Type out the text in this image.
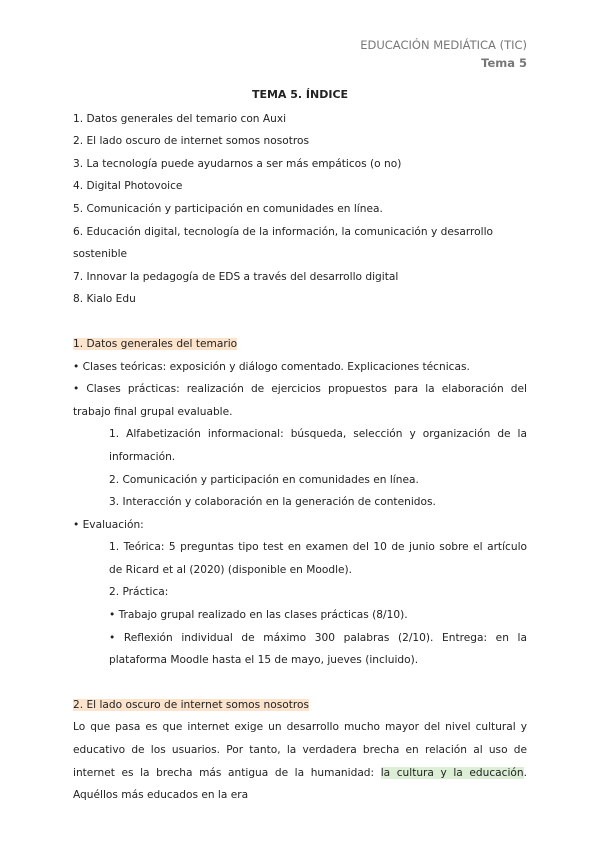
EDUCACIÓN MEDIÁTICA (TIC)
Tema 5
TEMA 5. ÍNDICE

1. Datos generales del temario con Auxi

2. El lado oscuro de internet somos nosotros

3. La tecnología puede ayudarnos a ser más empáticos (o no)

4. Digital Photovoice

5. Comunicación y participación en comunidades en línea.

6. Educación digital, tecnología de la información, la comunicación y desarrollo sostenible

7. Innovar la pedagogía de EDS a través del desarrollo digital

8. Kialo Edu

1. Datos generales del temario

• Clases teóricas: exposición y diálogo comentado. Explicaciones técnicas.

• Clases prácticas: realización de ejercicios propuestos para la elaboración del trabajo final grupal evaluable.

1. Alfabetización informacional: búsqueda, selección y organización de la información.

2. Comunicación y participación en comunidades en línea.

3. Interacción y colaboración en la generación de contenidos.

• Evaluación:

1. Teórica: 5 preguntas tipo test en examen del 10 de junio sobre el artículo de Ricard et al (2020) (disponible en Moodle).

2. Práctica:

• Trabajo grupal realizado en las clases prácticas (8/10).

• Reflexión individual de máximo 300 palabras (2/10). Entrega: en la plataforma Moodle hasta el 15 de mayo, jueves (incluido).

2. El lado oscuro de internet somos nosotros

Lo que pasa es que internet exige un desarrollo mucho mayor del nivel cultural y educativo de los usuarios. Por tanto, la verdadera brecha en relación al uso de internet es la brecha más antigua de la humanidad: la cultura y la educación. Aquéllos más educados en la era
